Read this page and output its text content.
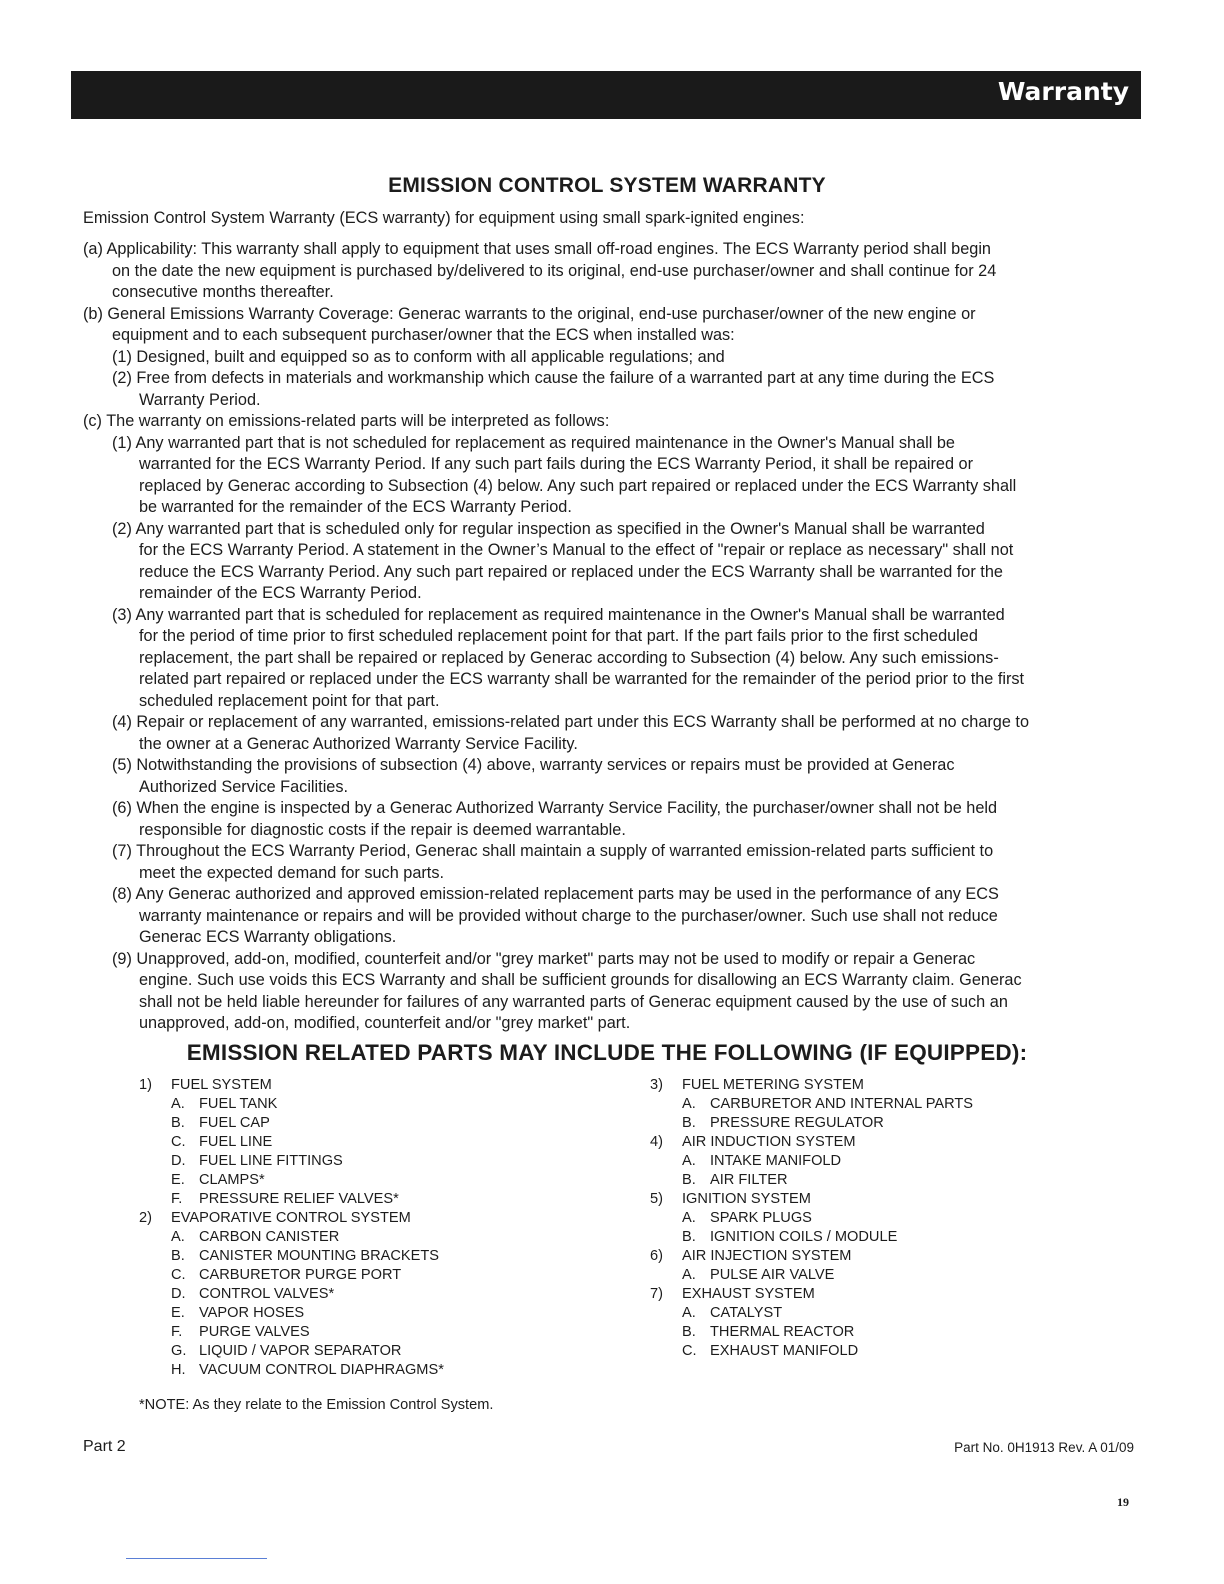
Warranty
EMISSION CONTROL SYSTEM WARRANTY
Emission Control System Warranty (ECS warranty) for equipment using small spark-ignited engines:
(a) Applicability: This warranty shall apply to equipment that uses small off-road engines. The ECS Warranty period shall begin
on the date the new equipment is purchased by/delivered to its original, end-use purchaser/owner and shall continue for 24
consecutive months thereafter.
(b) General Emissions Warranty Coverage: Generac warrants to the original, end-use purchaser/owner of the new engine or
equipment and to each subsequent purchaser/owner that the ECS when installed was:
(1) Designed, built and equipped so as to conform with all applicable regulations; and
(2) Free from defects in materials and workmanship which cause the failure of a warranted part at any time during the ECS
Warranty Period.
(c) The warranty on emissions-related parts will be interpreted as follows:
(1) Any warranted part that is not scheduled for replacement as required maintenance in the Owner's Manual shall be
warranted for the ECS Warranty Period. If any such part fails during the ECS Warranty Period, it shall be repaired or
replaced by Generac according to Subsection (4) below. Any such part repaired or replaced under the ECS Warranty shall
be warranted for the remainder of the ECS Warranty Period.
(2) Any warranted part that is scheduled only for regular inspection as specified in the Owner's Manual shall be warranted
for the ECS Warranty Period. A statement in the Owner’s Manual to the effect of "repair or replace as necessary" shall not
reduce the ECS Warranty Period. Any such part repaired or replaced under the ECS Warranty shall be warranted for the
remainder of the ECS Warranty Period.
(3) Any warranted part that is scheduled for replacement as required maintenance in the Owner's Manual shall be warranted
for the period of time prior to first scheduled replacement point for that part. If the part fails prior to the first scheduled
replacement, the part shall be repaired or replaced by Generac according to Subsection (4) below. Any such emissions-
related part repaired or replaced under the ECS warranty shall be warranted for the remainder of the period prior to the first
scheduled replacement point for that part.
(4) Repair or replacement of any warranted, emissions-related part under this ECS Warranty shall be performed at no charge to
the owner at a Generac Authorized Warranty Service Facility.
(5) Notwithstanding the provisions of subsection (4) above, warranty services or repairs must be provided at Generac
Authorized Service Facilities.
(6) When the engine is inspected by a Generac Authorized Warranty Service Facility, the purchaser/owner shall not be held
responsible for diagnostic costs if the repair is deemed warrantable.
(7) Throughout the ECS Warranty Period, Generac shall maintain a supply of warranted emission-related parts sufficient to
meet the expected demand for such parts.
(8) Any Generac authorized and approved emission-related replacement parts may be used in the performance of any ECS
warranty maintenance or repairs and will be provided without charge to the purchaser/owner. Such use shall not reduce
Generac ECS Warranty obligations.
(9) Unapproved, add-on, modified, counterfeit and/or "grey market" parts may not be used to modify or repair a Generac
engine. Such use voids this ECS Warranty and shall be sufficient grounds for disallowing an ECS Warranty claim. Generac
shall not be held liable hereunder for failures of any warranted parts of Generac equipment caused by the use of such an
unapproved, add-on, modified, counterfeit and/or "grey market" part.
EMISSION RELATED PARTS MAY INCLUDE THE FOLLOWING (IF EQUIPPED):
1) FUEL SYSTEM
A. FUEL TANK
B. FUEL CAP
C. FUEL LINE
D. FUEL LINE FITTINGS
E. CLAMPS*
F. PRESSURE RELIEF VALVES*
2) EVAPORATIVE CONTROL SYSTEM
A. CARBON CANISTER
B. CANISTER MOUNTING BRACKETS
C. CARBURETOR PURGE PORT
D. CONTROL VALVES*
E. VAPOR HOSES
F. PURGE VALVES
G. LIQUID / VAPOR SEPARATOR
H. VACUUM CONTROL DIAPHRAGMS*
3) FUEL METERING SYSTEM
A. CARBURETOR AND INTERNAL PARTS
B. PRESSURE REGULATOR
4) AIR INDUCTION SYSTEM
A. INTAKE MANIFOLD
B. AIR FILTER
5) IGNITION SYSTEM
A. SPARK PLUGS
B. IGNITION COILS / MODULE
6) AIR INJECTION SYSTEM
A. PULSE AIR VALVE
7) EXHAUST SYSTEM
A. CATALYST
B. THERMAL REACTOR
C. EXHAUST MANIFOLD
*NOTE: As they relate to the Emission Control System.
Part 2	Part No. 0H1913 Rev. A 01/09
19
